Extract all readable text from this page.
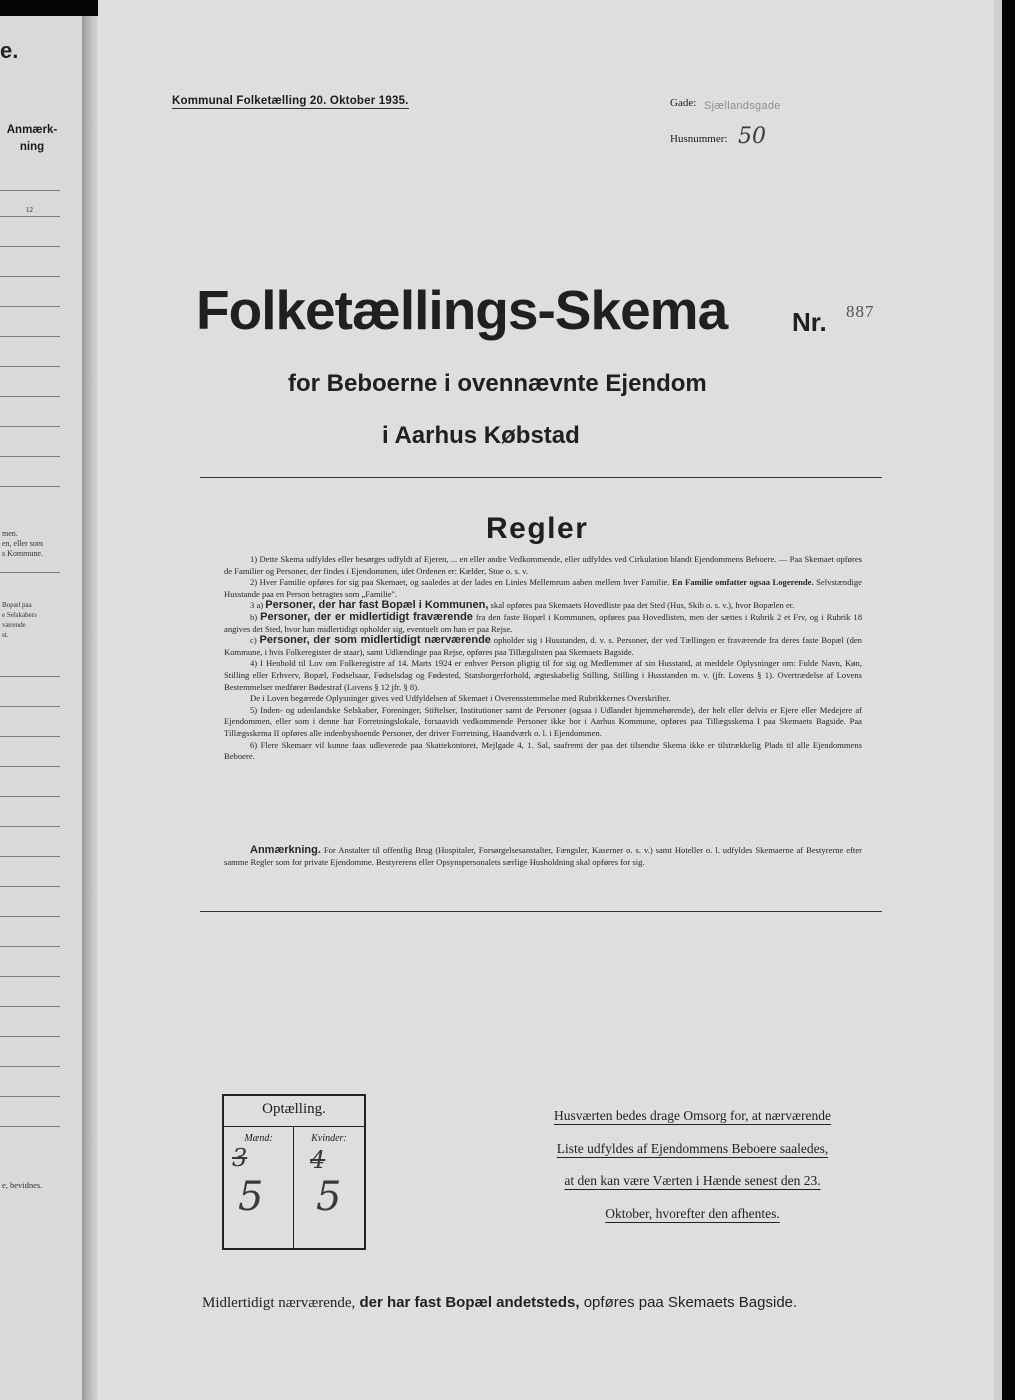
e.
Anmærk-
ning
12
men.
en, eller som
s Kommune.
Bopæl paa
e Selskabers
værende
st.
e, bevidnes.
Kommunal Folketælling 20. Oktober 1935.	Gade: Sjællandsgade
Husnummer: 50
Folketællings-Skema Nr. 887
for Beboerne i ovennævnte Ejendom
i Aarhus Købstad
Regler

1) Dette Skema udfyldes eller besørges udfyldt af Ejeren, ... en eller andre Vedkommende, eller udfyldes ved Cirkulation blandt Ejendommens Beboere. — Paa Skemaet opføres de Familier og Personer, der findes i Ejendommen, idet Ordenen er: Kælder, Stue o. s. v.

2) Hver Familie opføres for sig paa Skemaet, og saaledes at der lades en Linies Mellemrum aaben mellem hver Familie. En Familie omfatter ogsaa Logerende. Selvstændige Husstande paa en Person betragtes som „Familie".

3 a) Personer, der har fast Bopæl i Kommunen, skal opføres paa Skemaets Hovedliste paa det Sted (Hus, Skib o. s. v.), hvor Bopælen er.

b) Personer, der er midlertidigt fraværende fra den faste Bopæl i Kommunen, opføres paa Hovedlisten, men der sættes i Rubrik 2 et Frv, og i Rubrik 18 angives det Sted, hvor han midlertidigt opholder sig, eventuelt om han er paa Rejse.

c) Personer, der som midlertidigt nærværende opholder sig i Husstanden, d. v. s. Personer, der ved Tællingen er fraværende fra deres faste Bopæl (den Kommune, i hvis Folkeregister de staar), samt Udlændinge paa Rejse, opføres paa Tillægslisten paa Skemaets Bagside.

4) I Henhold til Lov om Folkeregistre af 14. Marts 1924 er enhver Person pligtig til for sig og Medlemmer af sin Husstand, at meddele Oplysninger om: Fulde Navn, Køn, Stilling eller Erhverv, Bopæl, Fødselsaar, Fødselsdag og Fødested, Statsborgerforhold, ægteskabelig Stilling, Stilling i Husstanden m. v. (jfr. Lovens § 1). Overtrædelse af Lovens Bestemmelser medfører Bødestraf (Lovens § 12 jfr. § 8).

De i Loven begærede Oplysninger gives ved Udfyldelsen af Skemaet i Overensstemmelse med Rubrikkernes Overskrifter.

5) Inden- og udenlandske Selskaber, Foreninger, Stiftelser, Institutioner samt de Personer (ogsaa i Udlandet hjemmehørende), der helt eller delvis er Ejere eller Medejere af Ejendommen, eller som i denne har Forretningslokale, forsaavidt vedkommende Personer ikke bor i Aarhus Kommune, opføres paa Tillægsskema I paa Skemaets Bagside. Paa Tillægsskema II opføres alle indenbysboende Personer, der driver Forretning, Haandværk o. l. i Ejendommen.

6) Flere Skemaer vil kunne faas udleverede paa Skattekontoret, Mejlgade 4, 1. Sal, saafremt der paa det tilsendte Skema ikke er tilstrækkelig Plads til alle Ejendommens Beboere.

Anmærkning. For Anstalter til offentlig Brug (Hospitaler, Forsørgelsesanstalter, Fængsler, Kaserner o. s. v.) samt Hoteller o. l. udfyldes Skemaerne af Bestyrerne efter samme Regler som for private Ejendomme. Bestyrerens eller Opsynspersonalets særlige Husholdning skal opføres for sig.

Optælling.
Mænd:	Kvinder:
3
5
4
5
Husværten bedes drage Omsorg for, at nærværende
Liste udfyldes af Ejendommens Beboere saaledes,
at den kan være Værten i Hænde senest den 23.
Oktober, hvorefter den afhentes.
Midlertidigt nærværende, der har fast Bopæl andetsteds, opføres paa Skemaets Bagside.
